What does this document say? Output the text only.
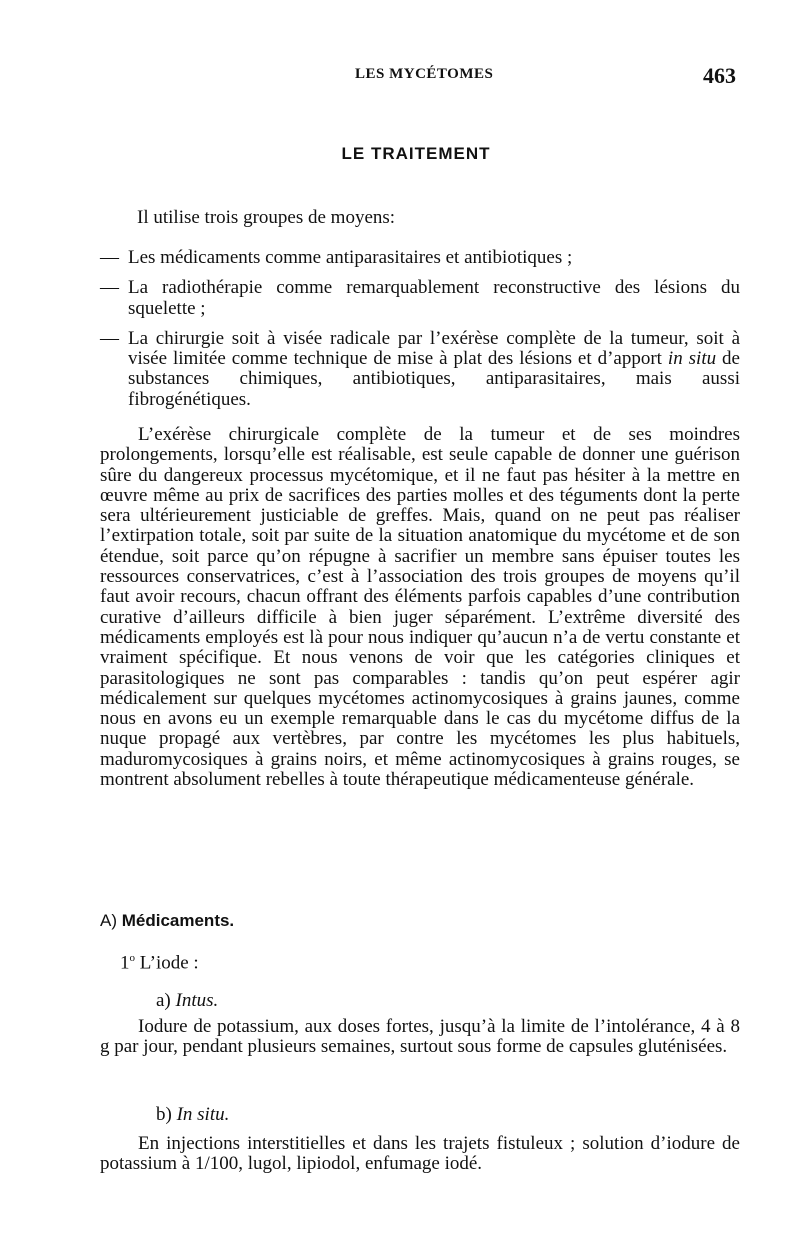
LES MYCÉTOMES	463
LE TRAITEMENT
Il utilise trois groupes de moyens:
— Les médicaments comme antiparasitaires et antibiotiques ;
— La radiothérapie comme remarquablement reconstructive des lésions du squelette ;
— La chirurgie soit à visée radicale par l’exérèse complète de la tumeur, soit à visée limitée comme technique de mise à plat des lésions et d’apport in situ de substances chimiques, antibiotiques, antiparasitaires, mais aussi fibrogénétiques.
L’exérèse chirurgicale complète de la tumeur et de ses moindres prolongements, lorsqu’elle est réalisable, est seule capable de donner une guérison sûre du dangereux processus mycétomique, et il ne faut pas hésiter à la mettre en œuvre même au prix de sacrifices des parties molles et des téguments dont la perte sera ultérieurement justiciable de greffes. Mais, quand on ne peut pas réaliser l’extirpation totale, soit par suite de la situation anatomique du mycétome et de son étendue, soit parce qu’on répugne à sacrifier un membre sans épuiser toutes les ressources conservatrices, c’est à l’association des trois groupes de moyens qu’il faut avoir recours, chacun offrant des éléments parfois capables d’une contribution curative d’ailleurs difficile à bien juger séparément. L’extrême diversité des médicaments employés est là pour nous indiquer qu’aucun n’a de vertu constante et vraiment spécifique. Et nous venons de voir que les catégories cliniques et parasitologiques ne sont pas comparables : tandis qu’on peut espérer agir médicalement sur quelques mycétomes actinomycosiques à grains jaunes, comme nous en avons eu un exemple remarquable dans le cas du mycétome diffus de la nuque propagé aux vertèbres, par contre les mycétomes les plus habituels, maduromycosiques à grains noirs, et même actinomycosiques à grains rouges, se montrent absolument rebelles à toute thérapeutique médicamenteuse générale.
A) Médicaments.
1$^o$ L’iode :
a) Intus.
Iodure de potassium, aux doses fortes, jusqu’à la limite de l’intolérance, 4 à 8 g par jour, pendant plusieurs semaines, surtout sous forme de capsules gluténisées.
b) In situ.
En injections interstitielles et dans les trajets fistuleux ; solution d’iodure de potassium à 1/100, lugol, lipiodol, enfumage iodé.
